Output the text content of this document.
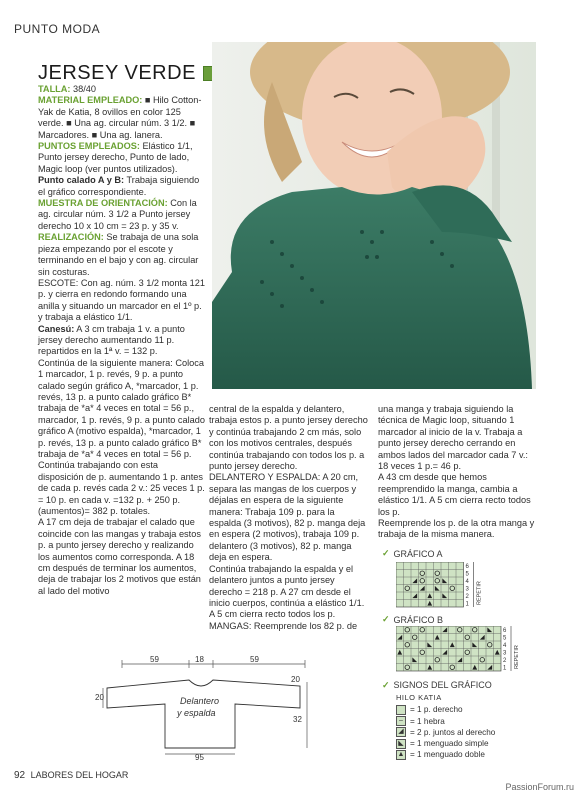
PUNTO MODA
JERSEY VERDE

TALLA: 38/40

MATERIAL EMPLEADO: ■ Hilo Cotton-Yak de Katia, 8 ovillos en color 125 verde. ■ Una ag. circular núm. 3 1/2. ■ Marcadores. ■ Una ag. lanera.

PUNTOS EMPLEADOS: Elástico 1/1, Punto jersey derecho, Punto de lado, Magic loop (ver puntos utilizados).

Punto calado A y B: Trabaja siguiendo el gráfico correspondiente.

MUESTRA DE ORIENTACIÓN: Con la ag. circular núm. 3 1/2 a Punto jersey derecho 10 x 10 cm = 23 p. y 35 v.

REALIZACIÓN: Se trabaja de una sola pieza empezando por el escote y terminando en el bajo y con ag. circular sin costuras.

ESCOTE: Con ag. núm. 3 1/2 monta 121 p. y cierra en redondo formando una anilla y situando un marcador en el 1º p. y trabaja a elástico 1/1.

Canesú: A 3 cm trabaja 1 v. a punto jersey derecho aumentando 11 p. repartidos en la 1ª v. = 132 p.

Continúa de la siguiente manera: Coloca 1 marcador, 1 p. revés, 9 p. a punto calado según gráfico A, *marcador, 1 p. revés, 13 p. a punto calado gráfico B* trabaja de *a* 4 veces en total = 56 p., marcador, 1 p. revés, 9 p. a punto calado gráfico A (motivo espalda), *marcador, 1 p. revés, 13 p. a punto calado gráfico B* trabaja de *a* 4 veces en total = 56 p.

Continúa trabajando con esta disposición de p. aumentando 1 p. antes de cada p. revés cada 2 v.: 25 veces 1 p. = 10 p. en cada v. =132 p. + 250 p. (aumentos)= 382 p. totales.

A 17 cm deja de trabajar el calado que coincide con las mangas y trabaja estos p. a punto jersey derecho y realizando los aumentos como corresponda. A 18 cm después de terminar los aumentos, deja de trabajar los 2 motivos que están al lado del motivo

central de la espalda y delantero, trabaja estos p. a punto jersey derecho y continúa trabajando 2 cm más, solo con los motivos centrales, después continúa trabajando con todos los p. a punto jersey derecho.

DELANTERO Y ESPALDA: A 20 cm, separa las mangas de los cuerpos y déjalas en espera de la siguiente manera: Trabaja 109 p. para la espalda (3 motivos), 82 p. manga deja en espera (2 motivos), trabaja 109 p. delantero (3 motivos), 82 p. manga deja en espera.

Continúa trabajando la espalda y el delantero juntos a punto jersey derecho = 218 p. A 27 cm desde el inicio cuerpos, continúa a elástico 1/1. A 5 cm cierra recto todos los p.

MANGAS: Reemprende los 82 p. de

una manga y trabaja siguiendo la técnica de Magic loop, situando 1 marcador al inicio de la v. Trabaja a punto jersey derecho cerrando en ambos lados del marcador cada 7 v.: 18 veces 1 p.= 46 p.

A 43 cm desde que hemos reemprendido la manga, cambia a elástico 1/1. A 5 cm cierra recto todos los p.

Reemprende los p. de la otra manga y trabaja de la misma manera.

✓ GRÁFICO A
6
5
4
3
2
1 REPETIR
✓ GRÁFICO B
6
5
4
3
2
1 REPETIR
✓ SIGNOS DEL GRÁFICO
HILO KATIA
= 1 p. derecho
– = 1 hebra
◢ = 2 p. juntos al derecho
◣ = 1 menguado simple
▲ = 1 menguado doble
59	18	59
20
20
32
95
Delantero
y espalda
92 LABORES DEL HOGAR
PassionForum.ru
